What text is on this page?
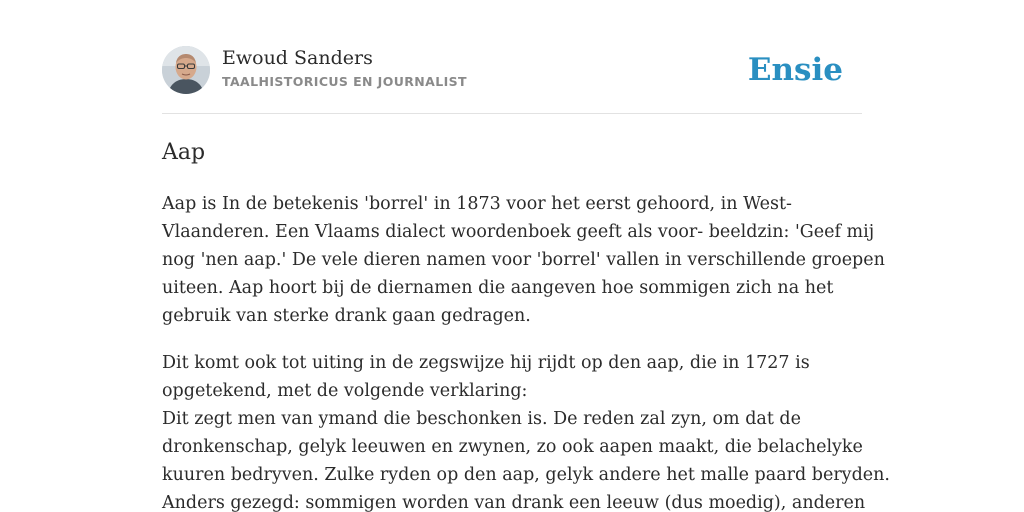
Ewoud Sanders
TAALHISTORICUS EN JOURNALIST	Ensie
Aap

Aap is In de betekenis 'borrel' in 1873 voor het eerst gehoord, in West-
Vlaanderen. Een Vlaams dialect woordenboek geeft als voor- beeldzin: 'Geef mij
nog 'nen aap.' De vele dieren namen voor 'borrel' vallen in verschillende groepen
uiteen. Aap hoort bij de diernamen die aangeven hoe sommigen zich na het
gebruik van sterke drank gaan gedragen.

Dit komt ook tot uiting in de zegswijze hij rijdt op den aap, die in 1727 is
opgetekend, met de volgende verklaring:
Dit zegt men van ymand die beschonken is. De reden zal zyn, om dat de
dronkenschap, gelyk leeuwen en zwynen, zo ook aapen maakt, die belachelyke
kuuren bedryven. Zulke ryden op den aap, gelyk andere het malle paard beryden.
Anders gezegd: sommigen worden van drank een leeuw (dus moedig), anderen
